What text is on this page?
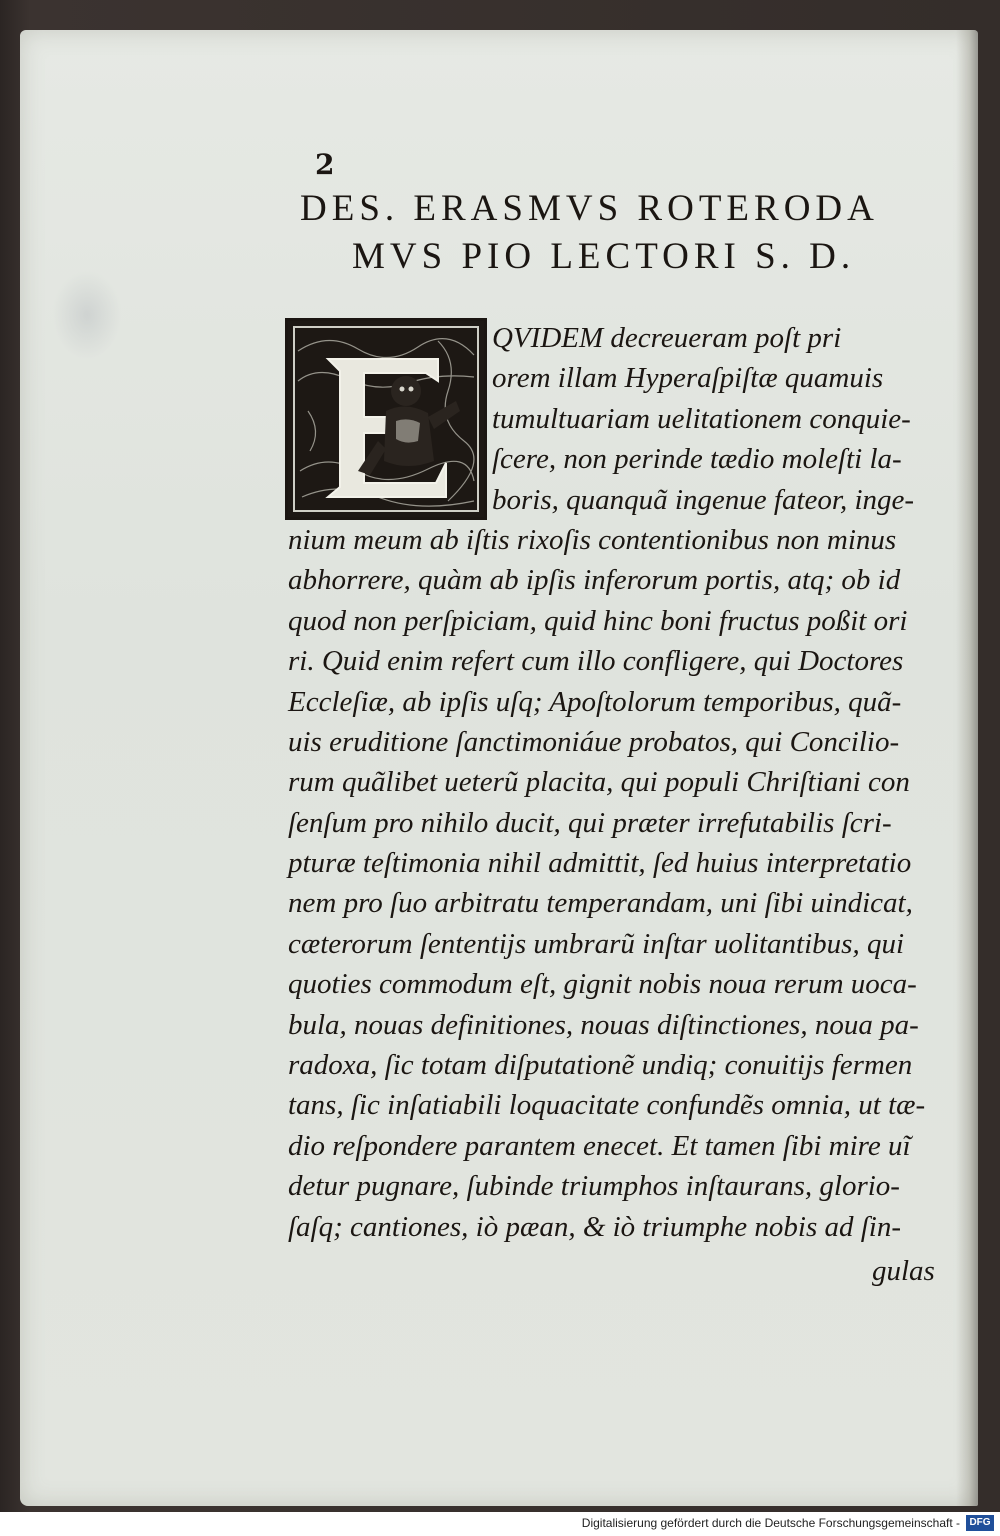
2
DES. ERASMVS ROTERODA
MVS PIO LECTORI S. D.
QVIDEM decreueram poſt pri
orem illam Hyperaſpiſtæ quamuis
tumultuariam uelitationem conquie-
ſcere, non perinde tædio moleſti la-
boris, quanquã ingenue fateor, inge-
nium meum ab iſtis rixoſis contentionibus non minus
abhorrere, quàm ab ipſis inferorum portis, atq; ob id
quod non perſpiciam, quid hinc boni fructus poßit ori
ri. Quid enim refert cum illo confligere, qui Doctores
Eccleſiæ, ab ipſis uſq; Apoſtolorum temporibus, quã-
uis eruditione ſanctimoniáue probatos, qui Concilio-
rum quãlibet ueterũ placita, qui populi Chriſtiani con
ſenſum pro nihilo ducit, qui præter irrefutabilis ſcri-
pturæ teſtimonia nihil admittit, ſed huius interpretatio
nem pro ſuo arbitratu temperandam, uni ſibi uindicat,
cæterorum ſententijs umbrarũ inſtar uolitantibus, qui
quoties commodum eſt, gignit nobis noua rerum uoca-
bula, nouas definitiones, nouas diſtinctiones, noua pa-
radoxa, ſic totam diſputationẽ undiq; conuitijs fermen
tans, ſic inſatiabili loquacitate confundẽs omnia, ut tæ-
dio reſpondere parantem enecet. Et tamen ſibi mire uĩ
detur pugnare, ſubinde triumphos inſtaurans, glorio-
ſaſq; cantiones, iò pæan, & iò triumphe nobis ad ſin-
gulas
Digitalisierung gefördert durch die Deutsche Forschungsgemeinschaft - DFG
